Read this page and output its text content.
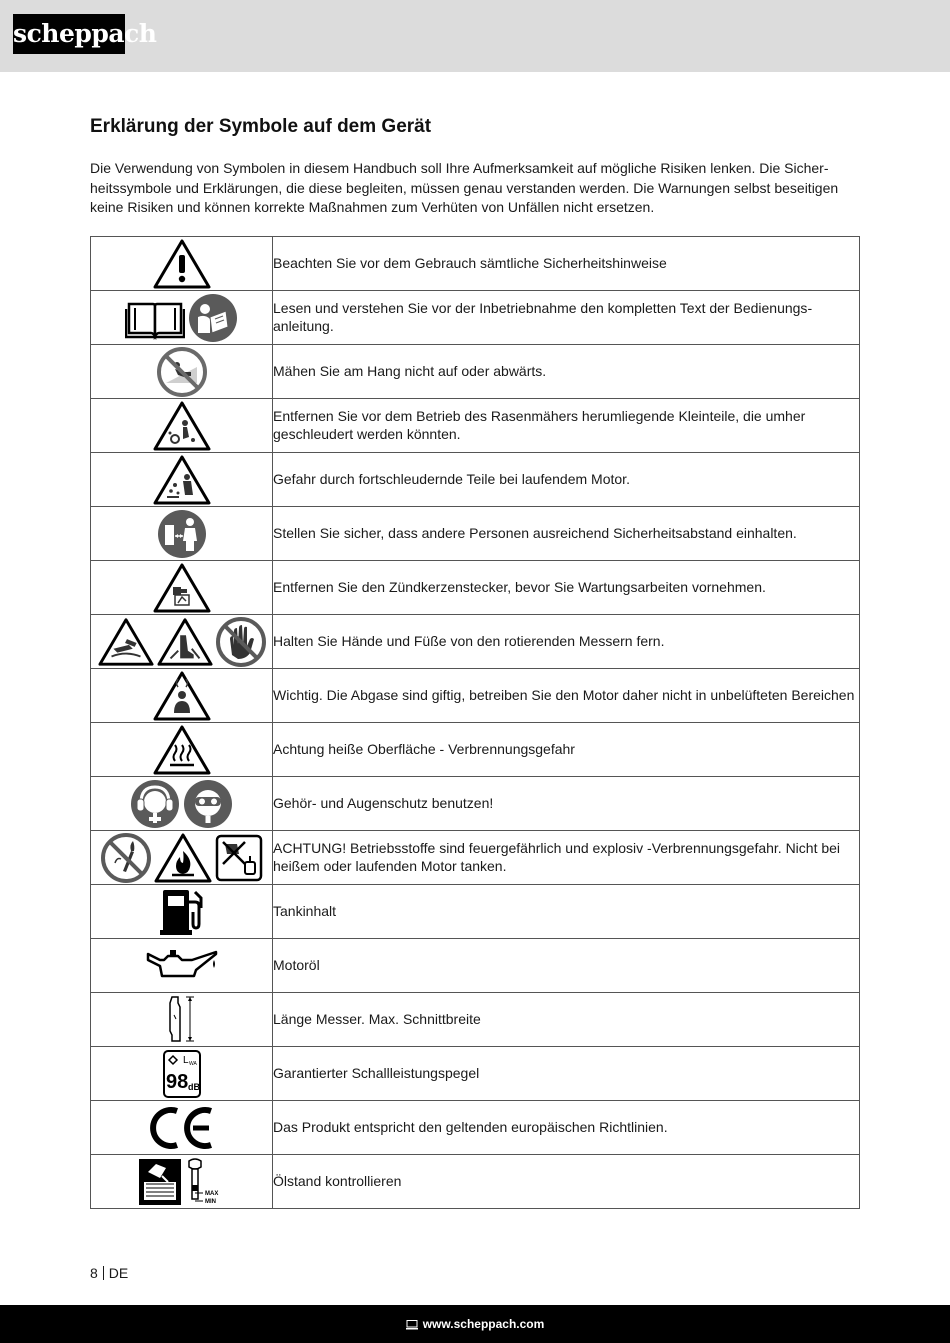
scheppach
Erklärung der Symbole auf dem Gerät

Die Verwendung von Symbolen in diesem Handbuch soll Ihre Aufmerksamkeit auf mögliche Risiken lenken. Die Sicherheitssymbole und Erklärungen, die diese begleiten, müssen genau verstanden werden. Die Warnungen selbst beseitigen keine Risiken und können korrekte Maßnahmen zum Verhüten von Unfällen nicht ersetzen.

	Beachten Sie vor dem Gebrauch sämtliche Sicherheitshinweise

	Lesen und verstehen Sie vor der Inbetriebnahme den kompletten Text der Bedienungsanleitung.

	Mähen Sie am Hang nicht auf oder abwärts.

	Entfernen Sie vor dem Betrieb des Rasenmähers herumliegende Kleinteile, die umher geschleudert werden könnten.

	Gefahr durch fortschleudernde Teile bei laufendem Motor.

	Stellen Sie sicher, dass andere Personen ausreichend Sicherheitsabstand einhalten.

	Entfernen Sie den Zündkerzenstecker, bevor Sie Wartungsarbeiten vornehmen.

	Halten Sie Hände und Füße von den rotierenden Messern fern.

	Wichtig. Die Abgase sind giftig, betreiben Sie den Motor daher nicht in unbelüfteten Bereichen

	Achtung heiße Oberfläche - Verbrennungsgefahr

	Gehör- und Augenschutz benutzen!

	ACHTUNG! Betriebsstoffe sind feuergefährlich und explosiv -Verbrennungsgefahr. Nicht bei heißem oder laufenden Motor tanken.

	Tankinhalt

	Motoröl

	Länge Messer. Max. Schnittbreite

L WA
98 dB	Garantierter Schallleistungspegel

	Das Produkt entspricht den geltenden europäischen Richtlinien.

MAX
MIN	Ölstand kontrollieren
8 DE
www.scheppach.com
